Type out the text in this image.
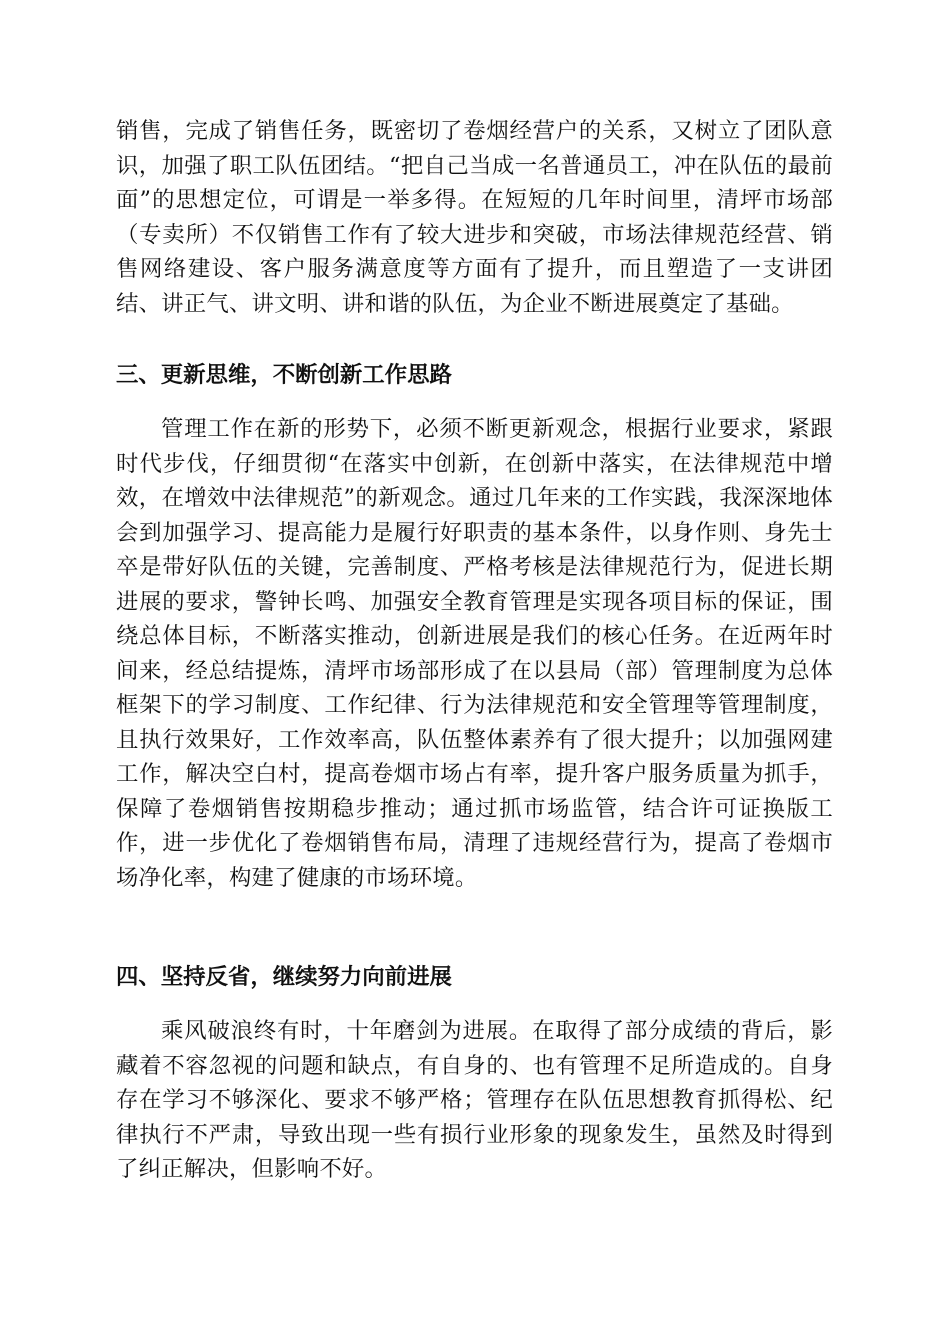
销售，完成了销售任务，既密切了卷烟经营户的关系，又树立了团队意识，加强了职工队伍团结。“把自己当成一名普通员工，冲在队伍的最前面”的思想定位，可谓是一举多得。在短短的几年时间里，清坪市场部（专卖所）不仅销售工作有了较大进步和突破，市场法律规范经营、销售网络建设、客户服务满意度等方面有了提升，而且塑造了一支讲团结、讲正气、讲文明、讲和谐的队伍，为企业不断进展奠定了基础。

三、更新思维，不断创新工作思路

管理工作在新的形势下，必须不断更新观念，根据行业要求，紧跟时代步伐，仔细贯彻“在落实中创新，在创新中落实，在法律规范中增效，在增效中法律规范”的新观念。通过几年来的工作实践，我深深地体会到加强学习、提高能力是履行好职责的基本条件，以身作则、身先士卒是带好队伍的关键，完善制度、严格考核是法律规范行为，促进长期进展的要求，警钟长鸣、加强安全教育管理是实现各项目标的保证，围绕总体目标，不断落实推动，创新进展是我们的核心任务。在近两年时间来，经总结提炼，清坪市场部形成了在以县局（部）管理制度为总体框架下的学习制度、工作纪律、行为法律规范和安全管理等管理制度，且执行效果好，工作效率高，队伍整体素养有了很大提升；以加强网建工作，解决空白村，提高卷烟市场占有率，提升客户服务质量为抓手，保障了卷烟销售按期稳步推动；通过抓市场监管，结合许可证换版工作，进一步优化了卷烟销售布局，清理了违规经营行为，提高了卷烟市场净化率，构建了健康的市场环境。

四、坚持反省，继续努力向前进展

乘风破浪终有时，十年磨剑为进展。在取得了部分成绩的背后，影藏着不容忽视的问题和缺点，有自身的、也有管理不足所造成的。自身存在学习不够深化、要求不够严格；管理存在队伍思想教育抓得松、纪律执行不严肃，导致出现一些有损行业形象的现象发生，虽然及时得到了纠正解决，但影响不好。
